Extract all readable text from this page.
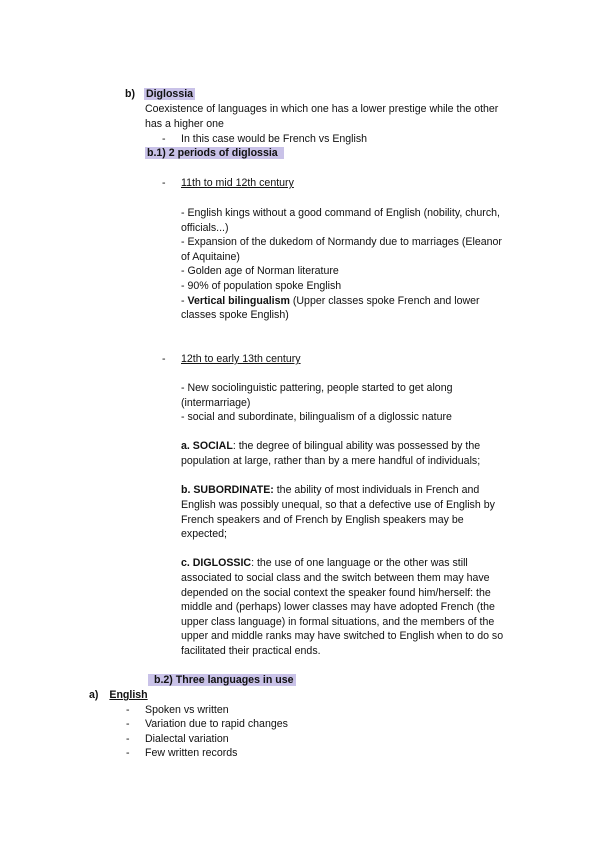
b) Diglossia
Coexistence of languages in which one has a lower prestige while the other
has a higher one
- In this case would be French vs English
b.1) 2 periods of diglossia
- 11th to mid 12th century
- English kings without a good command of English (nobility, church,
officials...)
- Expansion of the dukedom of Normandy due to marriages (Eleanor
of Aquitaine)
- Golden age of Norman literature
- 90% of population spoke English
- Vertical bilingualism (Upper classes spoke French and lower
classes spoke English)
- 12th to early 13th century
- New sociolinguistic pattering, people started to get along
(intermarriage)
- social and subordinate, bilingualism of a diglossic nature
a. SOCIAL: the degree of bilingual ability was possessed by the
population at large, rather than by a mere handful of individuals;
b. SUBORDINATE: the ability of most individuals in French and
English was possibly unequal, so that a defective use of English by
French speakers and of French by English speakers may be
expected;
c. DIGLOSSIC: the use of one language or the other was still
associated to social class and the switch between them may have
depended on the social context the speaker found him/herself: the
middle and (perhaps) lower classes may have adopted French (the
upper class language) in formal situations, and the members of the
upper and middle ranks may have switched to English when to do so
facilitated their practical ends.
b.2) Three languages in use
a) English
- Spoken vs written
- Variation due to rapid changes
- Dialectal variation
- Few written records
